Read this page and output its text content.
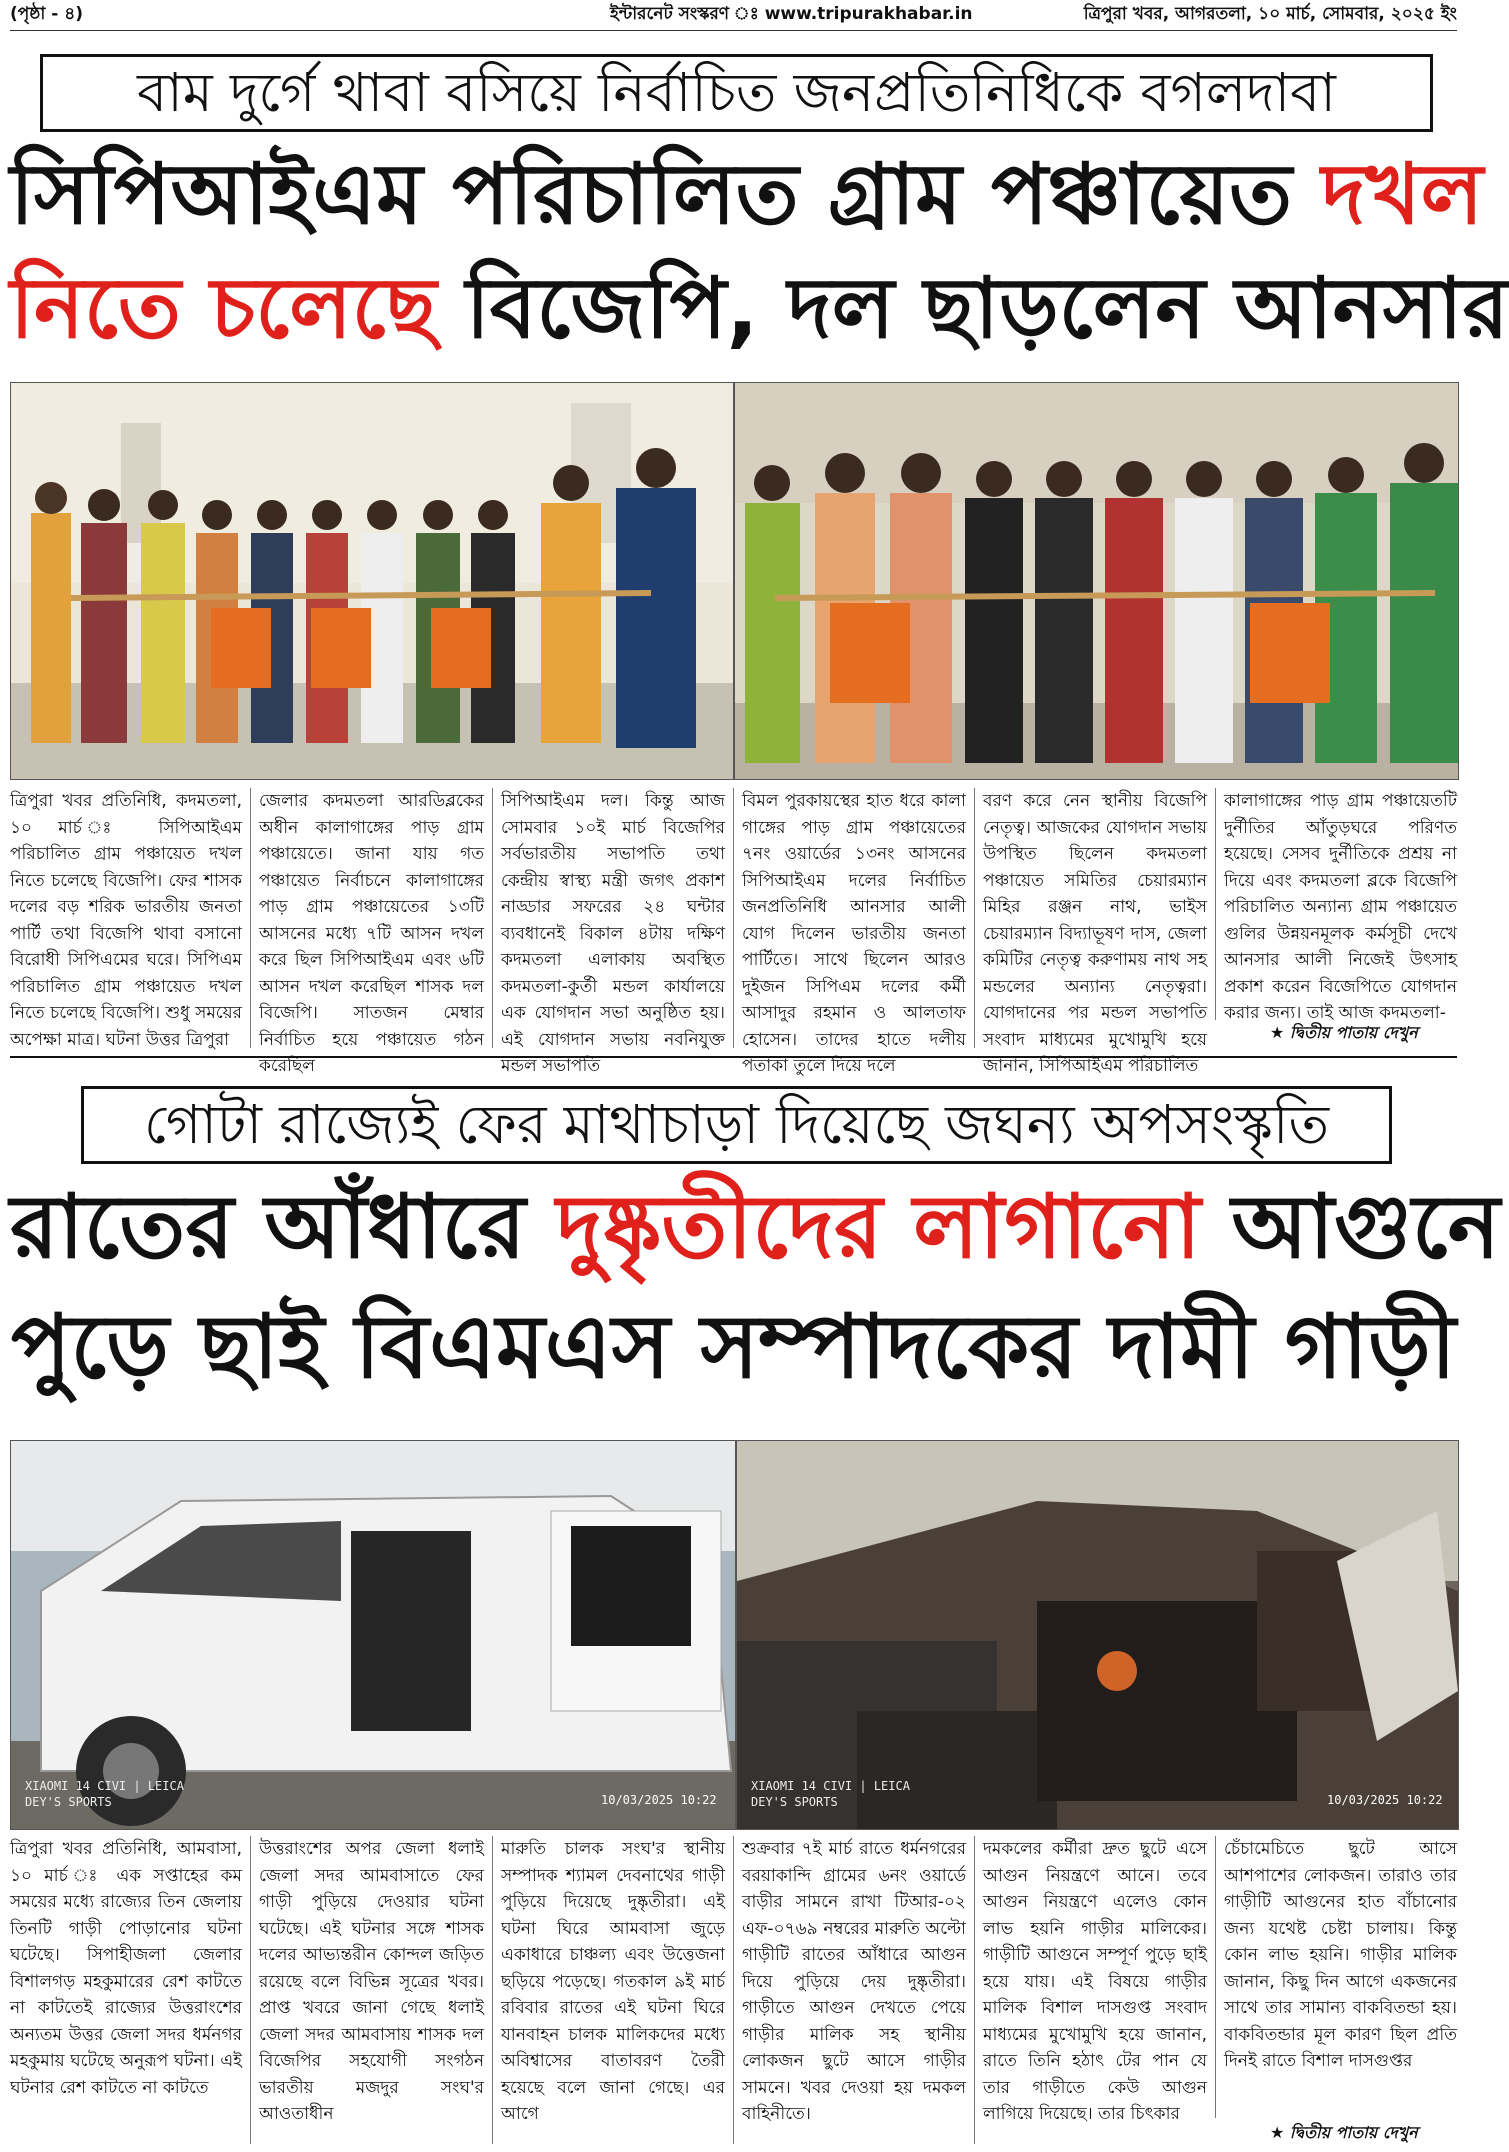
(পৃষ্ঠা - ৪)	ইন্টারনেট সংস্করণ ঃ www.tripurakhabar.in	ত্রিপুরা খবর, আগরতলা, ১০ মার্চ, সোমবার, ২০২৫ ইং
বাম দুর্গে থাবা বসিয়ে নির্বাচিত জনপ্রতিনিধিকে বগলদাবা
সিপিআইএম পরিচালিত গ্রাম পঞ্চায়েত দখল
নিতে চলেছে বিজেপি, দল ছাড়লেন আনসার
ত্রিপুরা খবর প্রতিনিধি, কদমতলা, ১০ মার্চ ঃ সিপিআইএম পরিচালিত গ্রাম পঞ্চায়েত দখল নিতে চলেছে বিজেপি। ফের শাসক দলের বড় শরিক ভারতীয় জনতা পার্টি তথা বিজেপি থাবা বসানো বিরোধী সিপিএমের ঘরে। সিপিএম পরিচালিত গ্রাম পঞ্চায়েত দখল নিতে চলেছে বিজেপি। শুধু সময়ের অপেক্ষা মাত্র। ঘটনা উত্তর ত্রিপুরা
জেলার কদমতলা আরডিব্লকের অধীন কালাগাঙ্গের পাড় গ্রাম পঞ্চায়েতে। জানা যায় গত পঞ্চায়েত নির্বাচনে কালাগাঙ্গের পাড় গ্রাম পঞ্চায়েতের ১৩টি আসনের মধ্যে ৭টি আসন দখল করে ছিল সিপিআইএম এবং ৬টি আসন দখল করেছিল শাসক দল বিজেপি। সাতজন মেম্বার নির্বাচিত হয়ে পঞ্চায়েত গঠন করেছিল
সিপিআইএম দল। কিন্তু আজ সোমবার ১০ই মার্চ বিজেপির সর্বভারতীয় সভাপতি তথা কেন্দ্রীয় স্বাস্থ্য মন্ত্রী জগৎ প্রকাশ নাড্ডার সফরের ২৪ ঘন্টার ব্যবধানেই বিকাল ৪টায় দক্ষিণ কদমতলা এলাকায় অবস্থিত কদমতলা-কুর্তী মন্ডল কার্যালয়ে এক যোগদান সভা অনুষ্ঠিত হয়। এই যোগদান সভায় নবনিযুক্ত মন্ডল সভাপতি
বিমল পুরকায়স্থের হাত ধরে কালা গাঙ্গের পাড় গ্রাম পঞ্চায়েতের ৭নং ওয়ার্ডের ১৩নং আসনের সিপিআইএম দলের নির্বাচিত জনপ্রতিনিধি আনসার আলী যোগ দিলেন ভারতীয় জনতা পার্টিতে। সাথে ছিলেন আরও দুইজন সিপিএম দলের কর্মী আসাদুর রহমান ও আলতাফ হোসেন। তাদের হাতে দলীয় পতাকা তুলে দিয়ে দলে
বরণ করে নেন স্থানীয় বিজেপি নেতৃত্ব। আজকের যোগদান সভায় উপস্থিত ছিলেন কদমতলা পঞ্চায়েত সমিতির চেয়ারম্যান মিহির রঞ্জন নাথ, ভাইস চেয়ারম্যান বিদ্যাভূষণ দাস, জেলা কমিটির নেতৃত্ব করুণাময় নাথ সহ মন্ডলের অন্যান্য নেতৃত্বরা। যোগদানের পর মন্ডল সভাপতি সংবাদ মাধ্যমের মুখোমুখি হয়ে জানান, সিপিআইএম পরিচালিত
কালাগাঙ্গের পাড় গ্রাম পঞ্চায়েতটি দুর্নীতির আঁতুড়ঘরে পরিণত হয়েছে। সেসব দুর্নীতিকে প্রশ্রয় না দিয়ে এবং কদমতলা ব্লকে বিজেপি পরিচালিত অন্যান্য গ্রাম পঞ্চায়েত গুলির উন্নয়নমূলক কর্মসূচী দেখে আনসার আলী নিজেই উৎসাহ প্রকাশ করেন বিজেপিতে যোগদান করার জন্য। তাই আজ কদমতলা-
★ দ্বিতীয় পাতায় দেখুন
গোটা রাজ্যেই ফের মাথাচাড়া দিয়েছে জঘন্য অপসংস্কৃতি
রাতের আঁধারে দুষ্কৃতীদের লাগানো আগুনে
পুড়ে ছাই বিএমএস সম্পাদকের দামী গাড়ী
XIAOMI 14 CIVI | LEICA
DEY'S SPORTS	10/03/2025 10:22
XIAOMI 14 CIVI | LEICA
DEY'S SPORTS	10/03/2025 10:22
ত্রিপুরা খবর প্রতিনিধি, আমবাসা, ১০ মার্চ ঃ এক সপ্তাহের কম সময়ের মধ্যে রাজ্যের তিন জেলায় তিনটি গাড়ী পোড়ানোর ঘটনা ঘটেছে। সিপাহীজলা জেলার বিশালগড় মহকুমারের রেশ কাটতে না কাটতেই রাজ্যের উত্তরাংশের অন্যতম উত্তর জেলা সদর ধর্মনগর মহকুমায় ঘটেছে অনুরূপ ঘটনা। এই ঘটনার রেশ কাটতে না কাটতে
উত্তরাংশের অপর জেলা ধলাই জেলা সদর আমবাসাতে ফের গাড়ী পুড়িয়ে দেওয়ার ঘটনা ঘটেছে। এই ঘটনার সঙ্গে শাসক দলের আভ্যন্তরীন কোন্দল জড়িত রয়েছে বলে বিভিন্ন সূত্রের খবর। প্রাপ্ত খবরে জানা গেছে ধলাই জেলা সদর আমবাসায় শাসক দল বিজেপির সহযোগী সংগঠন ভারতীয় মজদুর সংঘ'র আওতাধীন
মারুতি চালক সংঘ'র স্থানীয় সম্পাদক শ্যামল দেবনাথের গাড়ী পুড়িয়ে দিয়েছে দুষ্কৃতীরা। এই ঘটনা ঘিরে আমবাসা জুড়ে একাধারে চাঞ্চল্য এবং উত্তেজনা ছড়িয়ে পড়েছে। গতকাল ৯ই মার্চ রবিবার রাতের এই ঘটনা ঘিরে যানবাহন চালক মালিকদের মধ্যে অবিশ্বাসের বাতাবরণ তৈরী হয়েছে বলে জানা গেছে। এর আগে
শুক্রবার ৭ই মার্চ রাতে ধর্মনগরের বরয়াকান্দি গ্রামের ৬নং ওয়ার্ডে বাড়ীর সামনে রাখা টিআর-০২ এফ-০৭৬৯ নম্বরের মারুতি অল্টো গাড়ীটি রাতের আঁধারে আগুন দিয়ে পুড়িয়ে দেয় দুষ্কৃতীরা। গাড়ীতে আগুন দেখতে পেয়ে গাড়ীর মালিক সহ স্থানীয় লোকজন ছুটে আসে গাড়ীর সামনে। খবর দেওয়া হয় দমকল বাহিনীতে।
দমকলের কর্মীরা দ্রুত ছুটে এসে আগুন নিয়ন্ত্রণে আনে। তবে আগুন নিয়ন্ত্রণে এলেও কোন লাভ হয়নি গাড়ীর মালিকের। গাড়ীটি আগুনে সম্পূর্ণ পুড়ে ছাই হয়ে যায়। এই বিষয়ে গাড়ীর মালিক বিশাল দাসগুপ্ত সংবাদ মাধ্যমের মুখোমুখি হয়ে জানান, রাতে তিনি হঠাৎ টের পান যে তার গাড়ীতে কেউ আগুন লাগিয়ে দিয়েছে। তার চিৎকার
চেঁচামেচিতে ছুটে আসে আশপাশের লোকজন। তারাও তার গাড়ীটি আগুনের হাত বাঁচানোর জন্য যথেষ্ট চেষ্টা চালায়। কিন্তু কোন লাভ হয়নি। গাড়ীর মালিক জানান, কিছু দিন আগে একজনের সাথে তার সামান্য বাকবিতন্ডা হয়। বাকবিতন্ডার মূল কারণ ছিল প্রতি দিনই রাতে বিশাল দাসগুপ্তর
★ দ্বিতীয় পাতায় দেখুন
